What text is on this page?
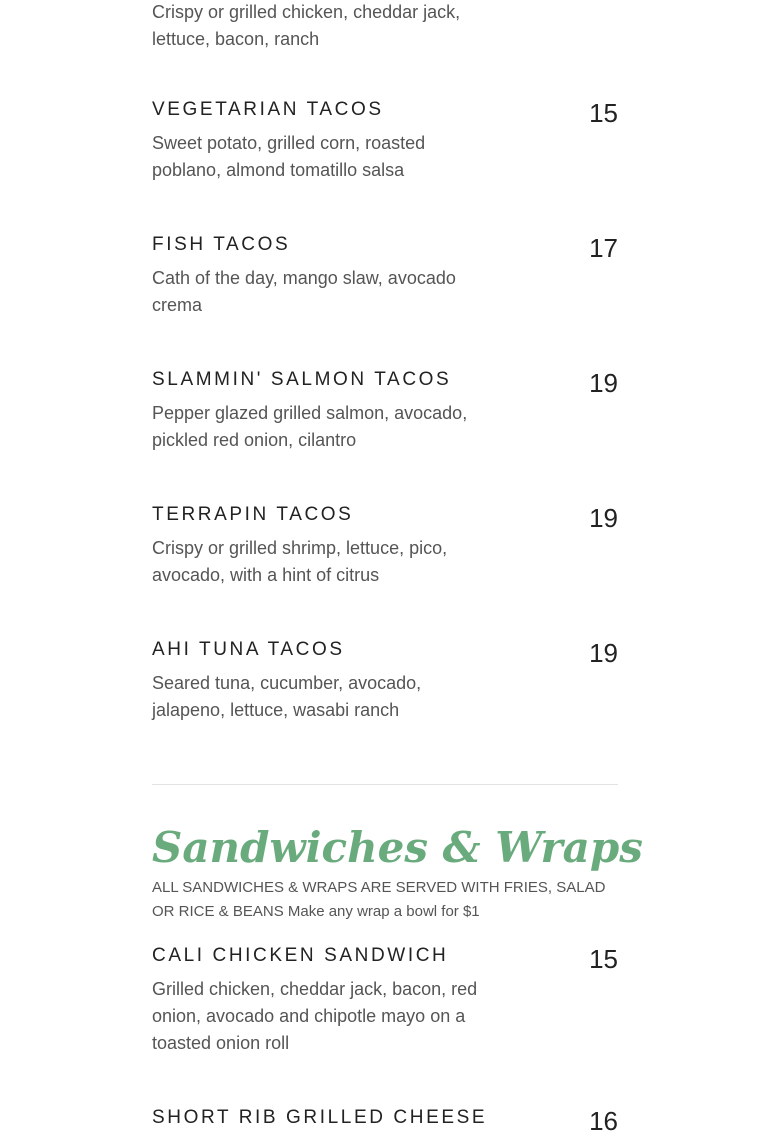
Crispy or grilled chicken, cheddar jack, lettuce, bacon, ranch
VEGETARIAN TACOS	15
Sweet potato, grilled corn, roasted poblano, almond tomatillo salsa
FISH TACOS	17
Cath of the day, mango slaw, avocado crema
SLAMMIN' SALMON TACOS	19
Pepper glazed grilled salmon, avocado, pickled red onion, cilantro
TERRAPIN TACOS	19
Crispy or grilled shrimp, lettuce, pico, avocado, with a hint of citrus
AHI TUNA TACOS	19
Seared tuna, cucumber, avocado, jalapeno, lettuce, wasabi ranch
Sandwiches & Wraps
ALL SANDWICHES & WRAPS ARE SERVED WITH FRIES, SALAD OR RICE & BEANS Make any wrap a bowl for $1
CALI CHICKEN SANDWICH	15
Grilled chicken, cheddar jack, bacon, red onion, avocado and chipotle mayo on a toasted onion roll
SHORT RIB GRILLED CHEESE	16
